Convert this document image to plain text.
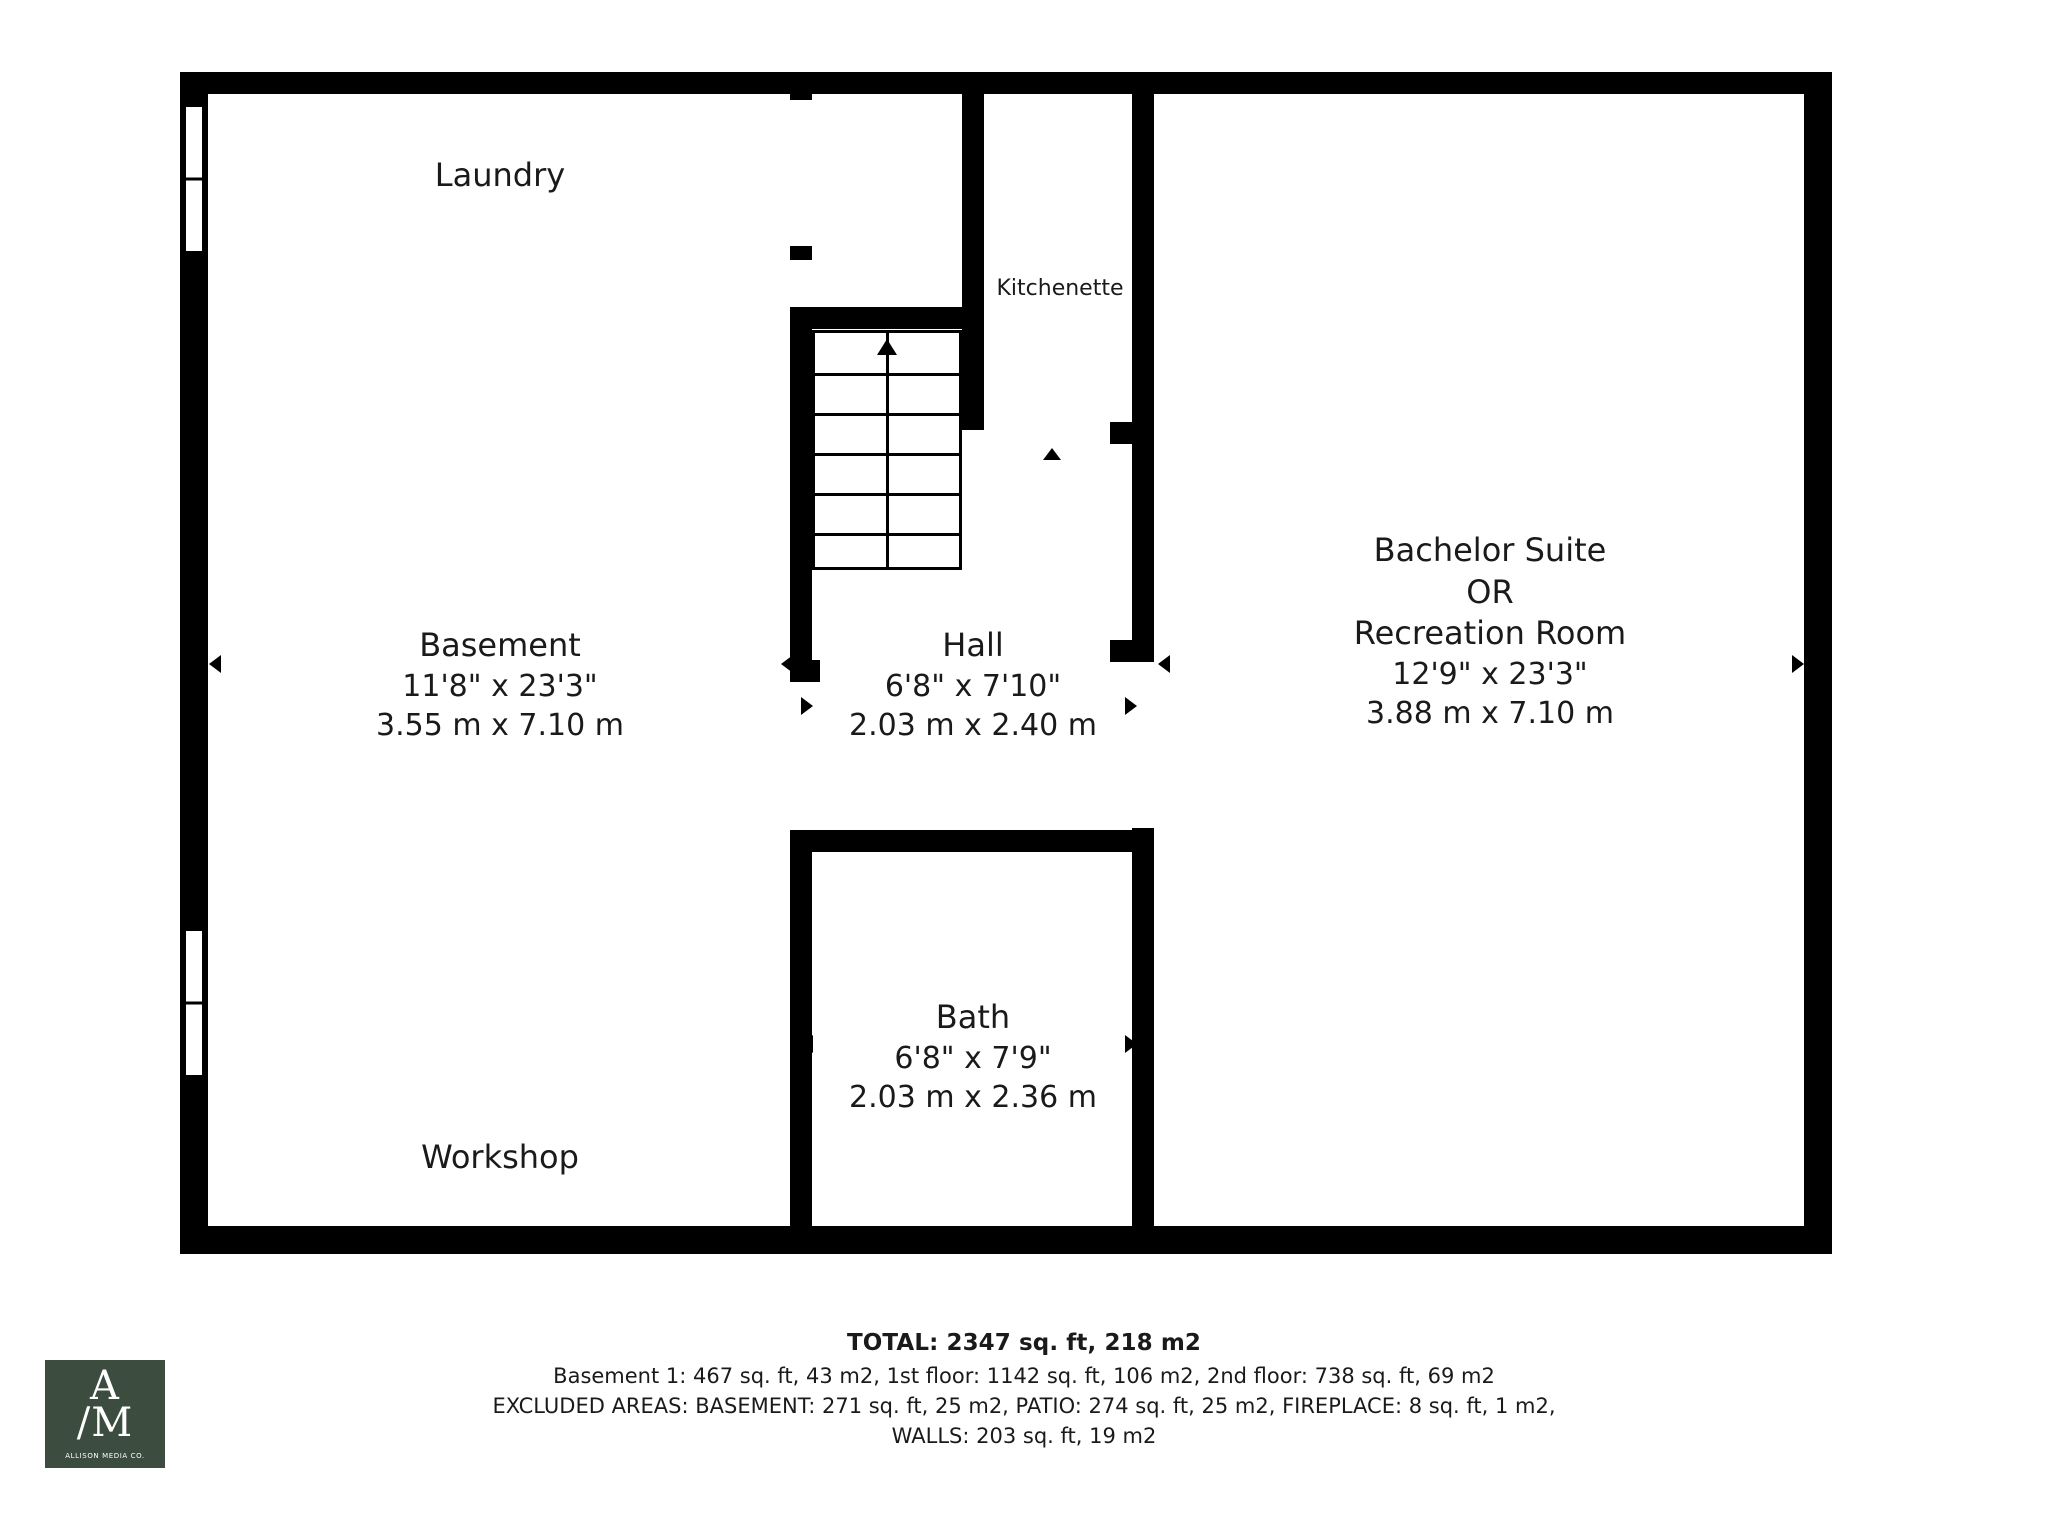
Laundry
Kitchenette
Basement
11'8" x 23'3"
3.55 m x 7.10 m
Hall
6'8" x 7'10"
2.03 m x 2.40 m
Bachelor Suite
OR
Recreation Room
12'9" x 23'3"
3.88 m x 7.10 m
Bath
6'8" x 7'9"
2.03 m x 2.36 m
Workshop
TOTAL: 2347 sq. ft, 218 m2
Basement 1: 467 sq. ft, 43 m2, 1st floor: 1142 sq. ft, 106 m2, 2nd floor: 738 sq. ft, 69 m2
EXCLUDED AREAS: BASEMENT: 271 sq. ft, 25 m2, PATIO: 274 sq. ft, 25 m2, FIREPLACE: 8 sq. ft, 1 m2,
WALLS: 203 sq. ft, 19 m2
A
/M
ALLISON MEDIA CO.
